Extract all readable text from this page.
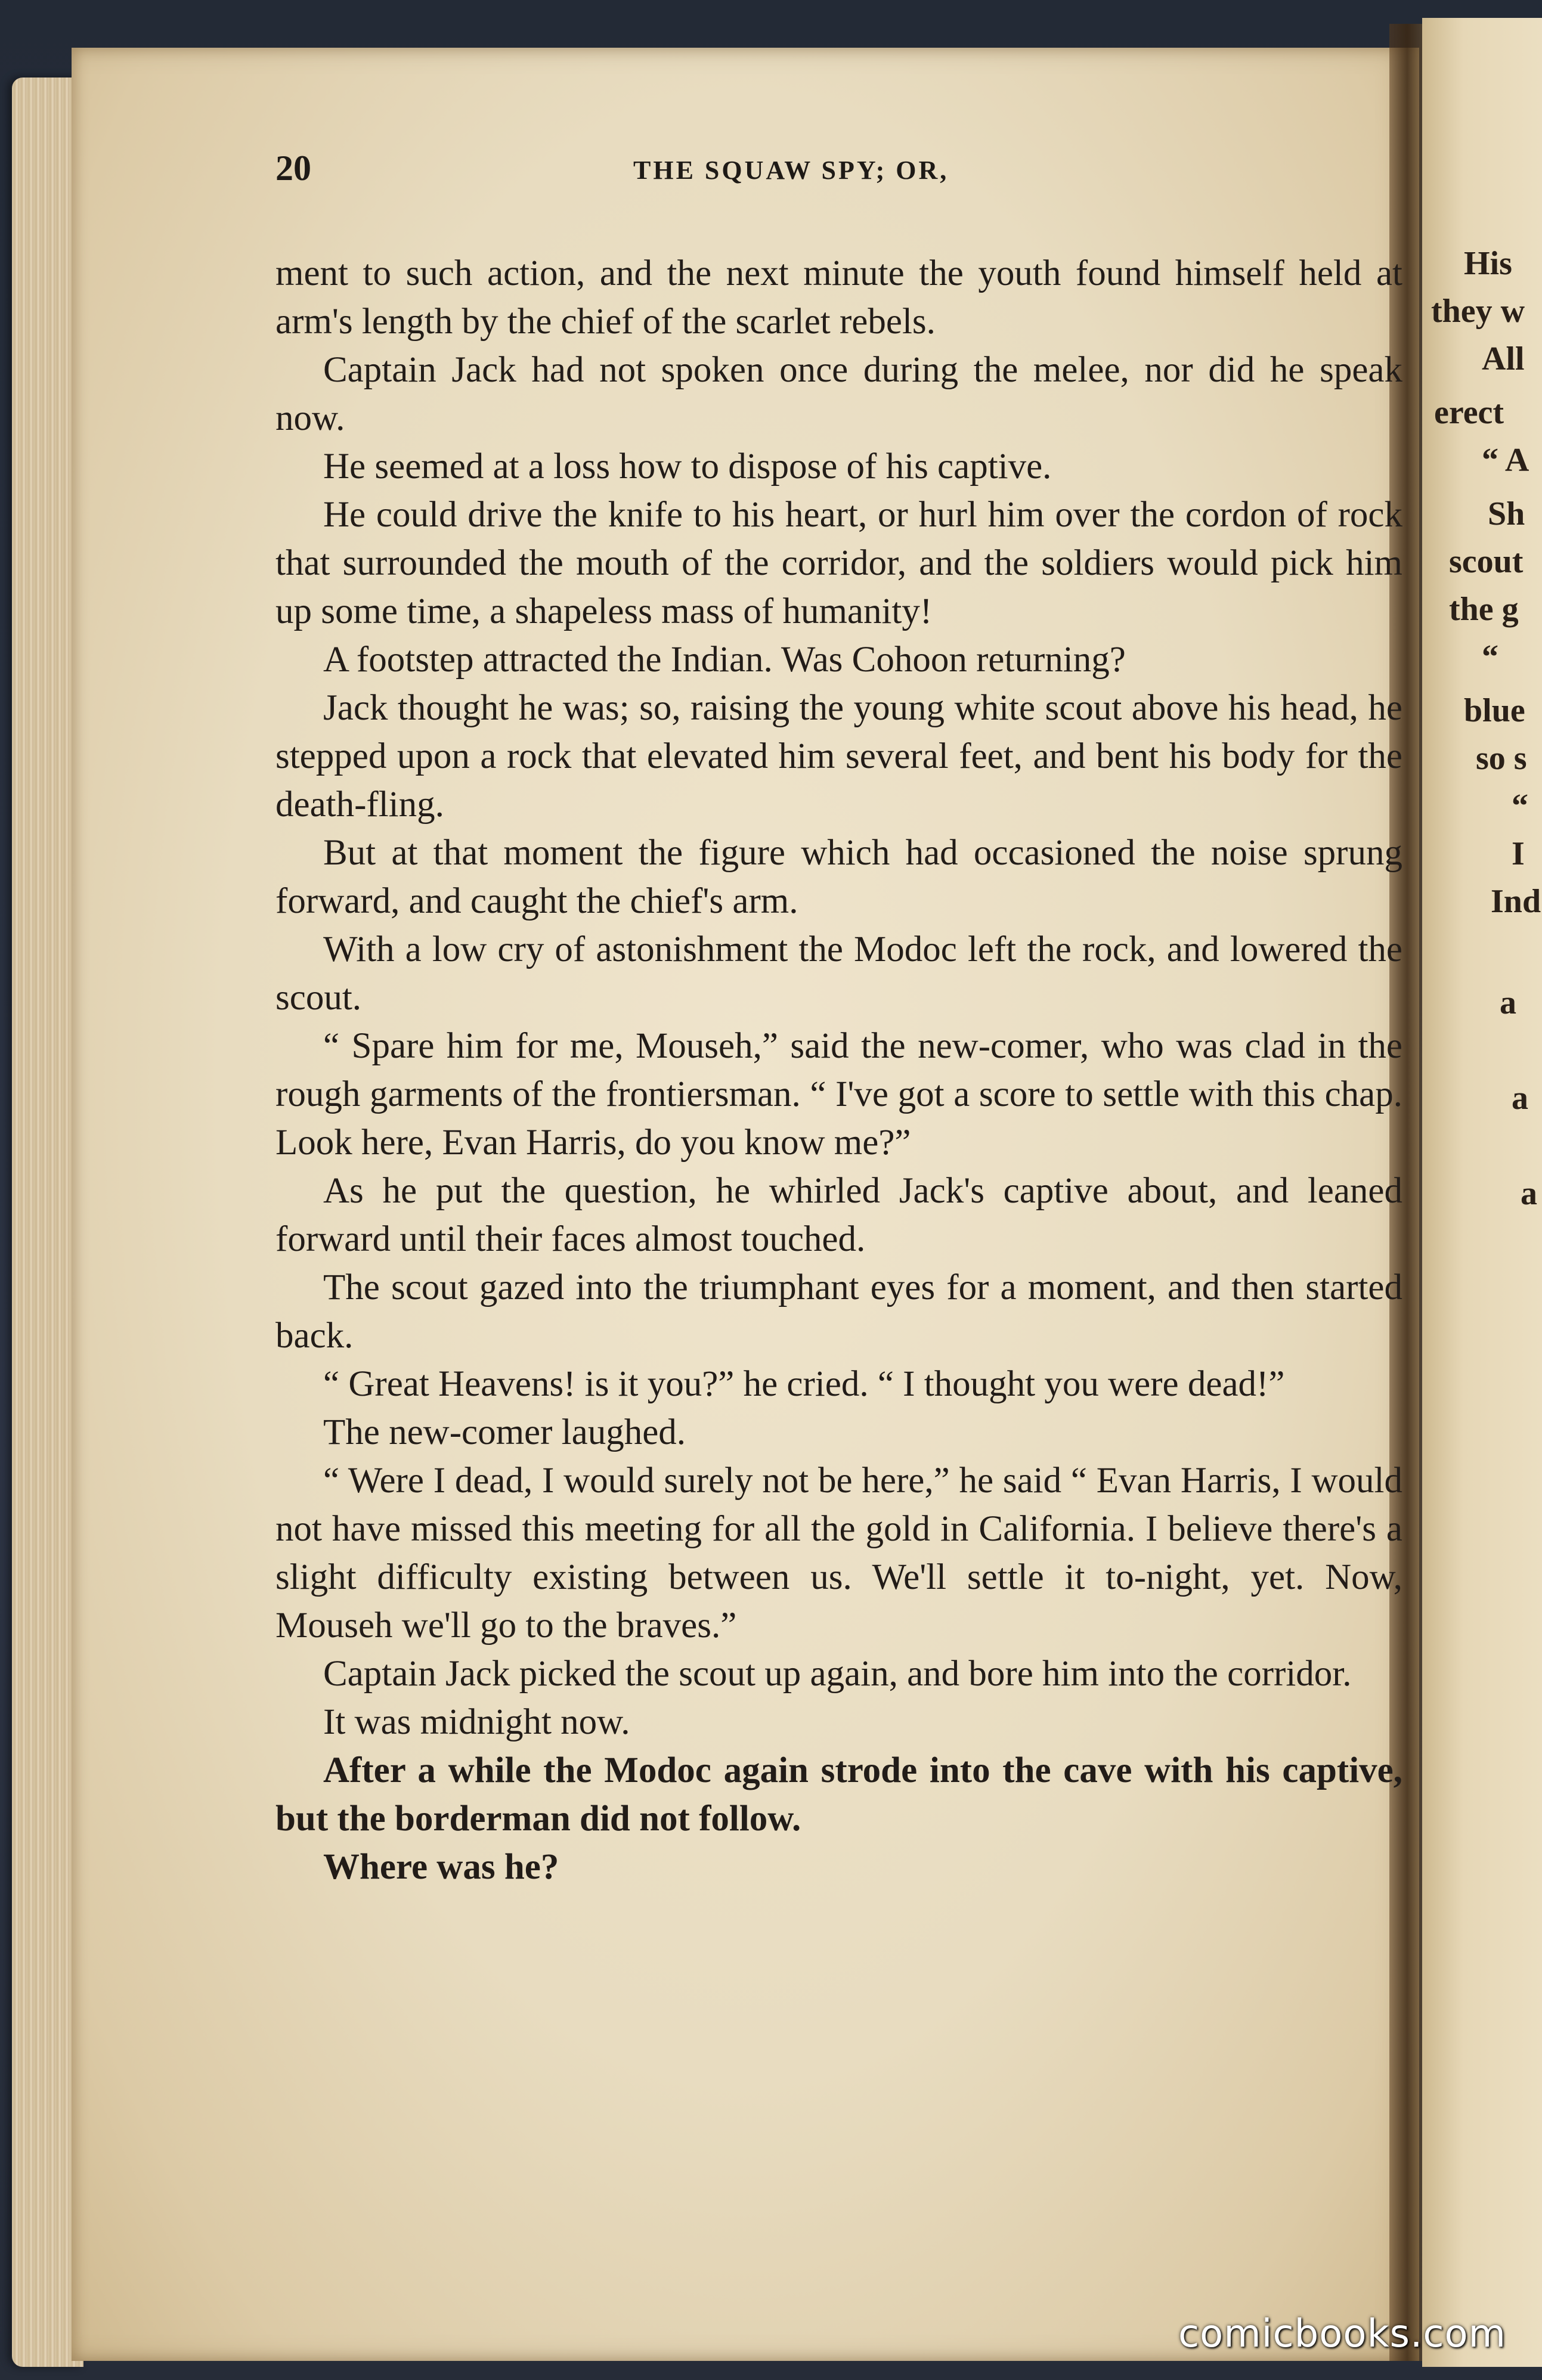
His

they w

All

erect

“ A

Sh

scout

the g

“

blue

so s

“

I

Ind

a

a

a

20	THE SQUAW SPY; OR,

ment to such action, and the next minute the youth found himself held at arm's length by the chief of the scarlet rebels.

Captain Jack had not spoken once during the melee, nor did he speak now.

He seemed at a loss how to dispose of his captive.

He could drive the knife to his heart, or hurl him over the cordon of rock that surrounded the mouth of the corridor, and the soldiers would pick him up some time, a shapeless mass of humanity!

A footstep attracted the Indian. Was Cohoon returning?

Jack thought he was; so, raising the young white scout above his head, he stepped upon a rock that elevated him several feet, and bent his body for the death-fling.

But at that moment the figure which had occasioned the noise sprung forward, and caught the chief's arm.

With a low cry of astonishment the Modoc left the rock, and lowered the scout.

“ Spare him for me, Mouseh,” said the new-comer, who was clad in the rough garments of the frontiersman. “ I've got a score to settle with this chap. Look here, Evan Harris, do you know me?”

As he put the question, he whirled Jack's captive about, and leaned forward until their faces almost touched.

The scout gazed into the triumphant eyes for a moment, and then started back.

“ Great Heavens! is it you?” he cried. “ I thought you were dead!”

The new-comer laughed.

“ Were I dead, I would surely not be here,” he said “ Evan Harris, I would not have missed this meeting for all the gold in California. I believe there's a slight difficulty existing between us. We'll settle it to-night, yet. Now, Mouseh we'll go to the braves.”

Captain Jack picked the scout up again, and bore him into the corridor.

It was midnight now.

After a while the Modoc again strode into the cave with his captive, but the borderman did not follow.

Where was he?

comicbooks.com
